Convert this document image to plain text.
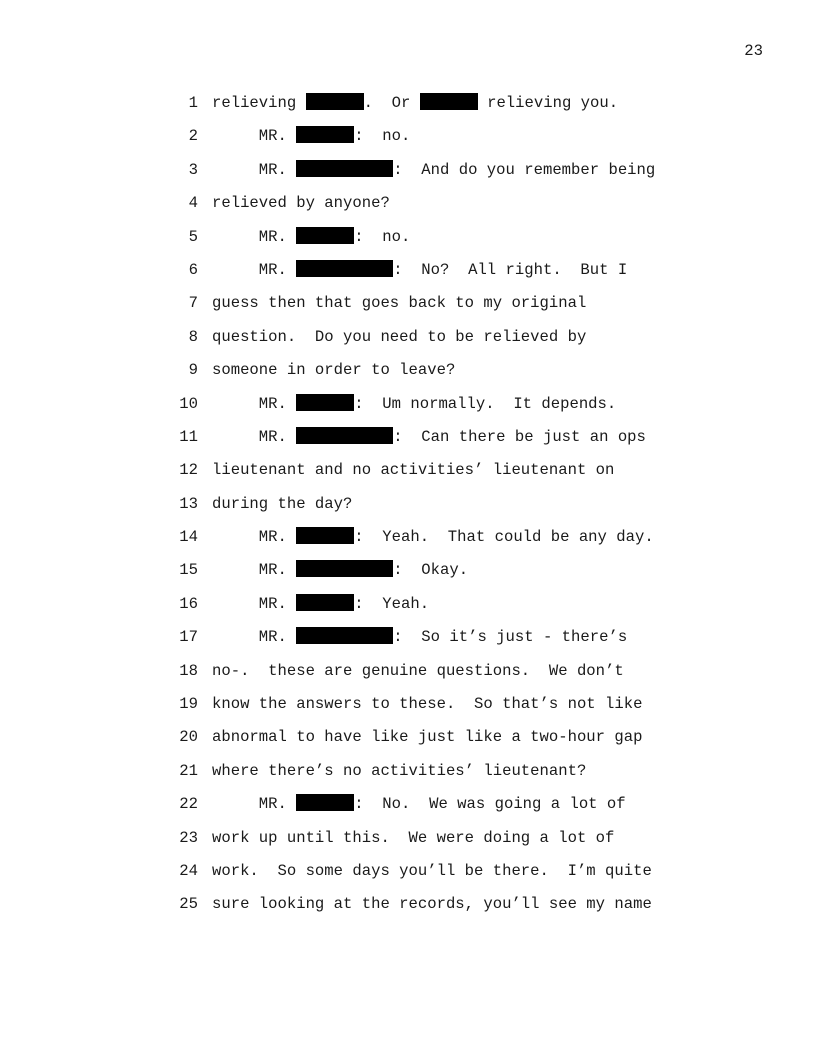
23
1 relieving	.  Or	relieving you.
2 MR.	:  no.
3 MR.	:  And do you remember being
4 relieved by anyone?
5 MR.	:  no.
6 MR.	:  No?  All right.  But I
7 guess then that goes back to my original
8 question.  Do you need to be relieved by
9 someone in order to leave?
10 MR.	:  Um normally.  It depends.
11 MR.	:  Can there be just an ops
12 lieutenant and no activities’ lieutenant on
13 during the day?
14 MR.	:  Yeah.  That could be any day.
15 MR.	:  Okay.
16 MR.	:  Yeah.
17 MR.	:  So it’s just - there’s
18 no-.  these are genuine questions.  We don’t
19 know the answers to these.  So that’s not like
20 abnormal to have like just like a two-hour gap
21 where there’s no activities’ lieutenant?
22 MR.	:  No.  We was going a lot of
23 work up until this.  We were doing a lot of
24 work.  So some days you’ll be there.  I’m quite
25 sure looking at the records, you’ll see my name
